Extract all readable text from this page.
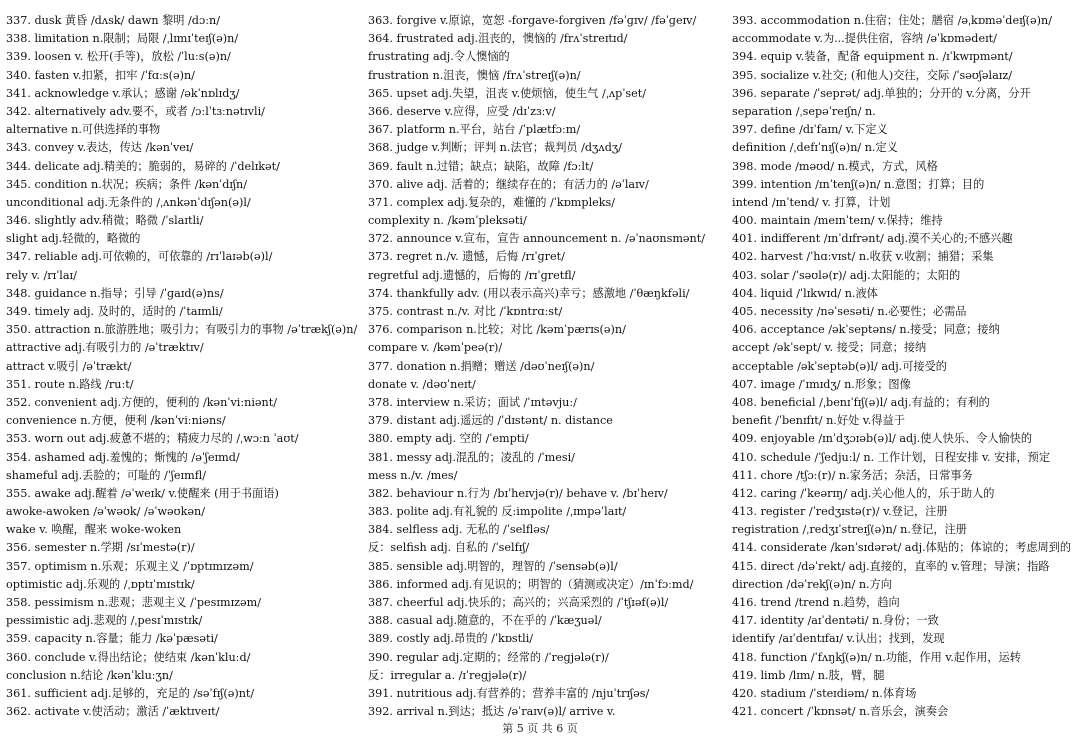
337. dusk 黄昏 /dʌsk/ dawn 黎明 /dɔːn/
338. limitation n.限制；局限 /ˌlɪmɪˈteɪʃ(ə)n/
339. loosen v. 松开(手等)，放松 /ˈluːs(ə)n/
340. fasten v.扣紧，扣牢 /ˈfɑːs(ə)n/
341. acknowledge v.承认；感谢 /əkˈnɒlɪdʒ/
342. alternatively adv.要不，或者 /ɔːlˈtɜːnətɪvli/
alternative n.可供选择的事物
343. convey v.表达，传达 /kənˈveɪ/
344. delicate adj.精美的；脆弱的，易碎的 /ˈdelɪkət/
345. condition n.状况；疾病；条件 /kənˈdɪʃn/
unconditional adj.无条件的 /ˌʌnkənˈdɪʃən(ə)l/
346. slightly adv.稍微；略微 /ˈslaɪtli/
slight adj.轻微的，略微的
347. reliable adj.可依赖的，可依靠的 /rɪˈlaɪəb(ə)l/
rely v. /rɪˈlaɪ/
348. guidance n.指导；引导 /ˈɡaɪd(ə)ns/
349. timely adj. 及时的，适时的 /ˈtaɪmli/
350. attraction n.旅游胜地；吸引力；有吸引力的事物 /əˈtrækʃ(ə)n/
attractive adj.有吸引力的 /əˈtræktɪv/
attract v.吸引 /əˈtrækt/
351. route n.路线 /ruːt/
352. convenient adj.方便的，便利的 /kənˈviːniənt/
convenience n.方便，便利 /kənˈviːniəns/
353. worn out adj.疲惫不堪的；精疲力尽的 /ˌwɔːn ˈaʊt/
354. ashamed adj.羞愧的；惭愧的 /əˈʃeɪmd/
shameful adj.丢脸的；可耻的 /ˈʃeɪmfl/
355. awake adj.醒着 /əˈweɪk/ v.使醒来 (用于书面语)
awoke-awoken /əˈwəʊk/ /əˈwəʊkən/
wake v. 唤醒，醒来 woke-woken
356. semester n.学期 /sɪˈmestə(r)/
357. optimism n.乐观；乐观主义 /ˈɒptɪmɪzəm/
optimistic adj.乐观的 /ˌɒptɪˈmɪstɪk/
358. pessimism n.悲观；悲观主义 /ˈpesɪmɪzəm/
pessimistic adj.悲观的 /ˌpesɪˈmɪstɪk/
359. capacity n.容量；能力 /kəˈpæsəti/
360. conclude v.得出结论；使结束 /kənˈkluːd/
conclusion n.结论 /kənˈkluːʒn/
361. sufficient adj.足够的，充足的 /səˈfɪʃ(ə)nt/
362. activate v.使活动；激活 /ˈæktɪveɪt/
363. forgive v.原谅，宽恕 -forgave-forgiven /fəˈɡɪv/ /fəˈɡeɪv/
364. frustrated adj.沮丧的，懊恼的 /frʌˈstreɪtɪd/
frustrating adj.令人懊恼的
frustration n.沮丧，懊恼 /frʌˈstreɪʃ(ə)n/
365. upset adj.失望，沮丧 v.使烦恼，使生气 /ˌʌpˈset/
366. deserve v.应得，应受 /dɪˈzɜːv/
367. platform n.平台，站台 /ˈplætfɔːm/
368. judge v.判断；评判 n.法官；裁判员 /dʒʌdʒ/
369. fault n.过错；缺点；缺陷，故障 /fɔːlt/
370. alive adj. 活着的；继续存在的；有活力的 /əˈlaɪv/
371. complex adj.复杂的，难懂的 /ˈkɒmpleks/
complexity n. /kəmˈpleksəti/
372. announce v.宣布，宣告 announcement n. /əˈnaʊnsmənt/
373. regret n./v. 遗憾，后悔 /rɪˈɡret/
regretful adj.遗憾的，后悔的 /rɪˈɡretfl/
374. thankfully adv. (用以表示高兴)幸亏；感激地 /ˈθæŋkfəli/
375. contrast n./v. 对比 /ˈkɒntrɑːst/
376. comparison n.比较；对比 /kəmˈpærɪs(ə)n/
compare v. /kəmˈpeə(r)/
377. donation n.捐赠；赠送 /dəʊˈneɪʃ(ə)n/
donate v. /dəʊˈneɪt/
378. interview n.采访；面试 /ˈɪntəvjuː/
379. distant adj.遥远的 /ˈdɪstənt/ n. distance
380. empty adj. 空的 /ˈempti/
381. messy adj.混乱的；凌乱的 /ˈmesi/
mess n./v. /mes/
382. behaviour n.行为 /bɪˈheɪvjə(r)/ behave v. /bɪˈheɪv/
383. polite adj.有礼貌的 反:impolite /ˌɪmpəˈlaɪt/
384. selfless adj. 无私的 /ˈselfləs/
反：selfish adj. 自私的 /ˈselfɪʃ/
385. sensible adj.明智的，理智的 /ˈsensəb(ə)l/
386. informed adj.有见识的；明智的（猜测或决定）/ɪnˈfɔːmd/
387. cheerful adj.快乐的；高兴的；兴高采烈的 /ˈtʃɪəf(ə)l/
388. casual adj.随意的，不在乎的 /ˈkæʒuəl/
389. costly adj.昂贵的 /ˈkɒstli/
390. regular adj.定期的；经常的 /ˈreɡjələ(r)/
反：irregular a. /ɪˈreɡjələ(r)/
391. nutritious adj.有营养的；营养丰富的 /njuˈtrɪʃəs/
392. arrival n.到达；抵达 /əˈraɪv(ə)l/ arrive v.
393. accommodation n.住宿；住处；膳宿 /əˌkɒməˈdeɪʃ(ə)n/
accommodate v.为...提供住宿，容纳 /əˈkɒmədeɪt/
394. equip v.装备，配备 equipment n. /ɪˈkwɪpmənt/
395. socialize v.社交; (和他人)交往，交际 /ˈsəʊʃəlaɪz/
396. separate /ˈseprət/ adj.单独的；分开的 v.分离，分开
separation /ˌsepəˈreɪʃn/ n.
397. define /dɪˈfaɪn/ v.下定义
definition /ˌdefɪˈnɪʃ(ə)n/ n.定义
398. mode /məʊd/ n.模式，方式，风格
399. intention /ɪnˈtenʃ(ə)n/ n.意图；打算；目的
intend /ɪnˈtend/ v. 打算，计划
400. maintain /meɪnˈteɪn/ v.保持；维持
401. indifferent /ɪnˈdɪfrənt/ adj.漠不关心的;不感兴趣
402. harvest /ˈhɑːvɪst/ n.收获 v.收割；捕猎；采集
403. solar /ˈsəʊlə(r)/ adj.太阳能的；太阳的
404. liquid /ˈlɪkwɪd/ n.液体
405. necessity /nəˈsesəti/ n.必要性；必需品
406. acceptance /əkˈseptəns/ n.接受；同意；接纳
accept /əkˈsept/ v. 接受；同意；接纳
acceptable /əkˈseptəb(ə)l/ adj.可接受的
407. image /ˈɪmɪdʒ/ n.形象；图像
408. beneficial /ˌbenɪˈfɪʃ(ə)l/ adj.有益的；有利的
benefit /ˈbenɪfɪt/ n.好处 v.得益于
409. enjoyable /ɪnˈdʒɔɪəb(ə)l/ adj.使人快乐、令人愉快的
410. schedule /ˈʃedjuːl/ n. 工作计划，日程安排 v. 安排，预定
411. chore /tʃɔː(r)/ n.家务活；杂活，日常事务
412. caring /ˈkeərɪŋ/ adj.关心他人的，乐于助人的
413. register /ˈredʒɪstə(r)/ v.登记，注册
registration /ˌredʒɪˈstreɪʃ(ə)n/ n.登记，注册
414. considerate /kənˈsɪdərət/ adj.体贴的；体谅的；考虑周到的
415. direct /dəˈrekt/ adj.直接的，直率的 v.管理；导演；指路
direction /dəˈrekʃ(ə)n/ n.方向
416. trend /trend n.趋势，趋向
417. identity /aɪˈdentəti/ n.身份；一致
identify /aɪˈdentɪfaɪ/ v.认出；找到，发现
418. function /ˈfʌŋkʃ(ə)n/ n.功能，作用 v.起作用，运转
419. limb /lɪm/ n.肢，臂，腿
420. stadium /ˈsteɪdiəm/ n.体育场
421. concert /ˈkɒnsət/ n.音乐会，演奏会
第 5 页 共 6 页
